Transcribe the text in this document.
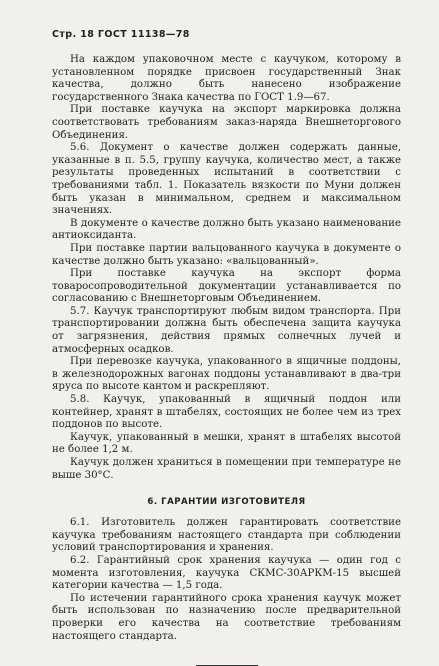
Стр. 18 ГОСТ 11138—78

На каждом упаковочном месте с каучуком, которому в установленном порядке присвоен государственный Знак качества, должно быть нанесено изображение государственного Знака качества по ГОСТ 1.9—67.

При поставке каучука на экспорт маркировка должна соответствовать требованиям заказ-наряда Внешнеторгового Объединения.

5.6. Документ о качестве должен содержать данные, указанные в п. 5.5, группу каучука, количество мест, а также результаты проведенных испытаний в соответствии с требованиями табл. 1. Показатель вязкости по Муни должен быть указан в минимальном, среднем и максимальном значениях.

В документе о качестве должно быть указано наименование антиоксиданта.

При поставке партии вальцованного каучука в документе о качестве должно быть указано: «вальцованный».

При поставке каучука на экспорт форма товаросопроводительной документации устанавливается по согласованию с Внешнеторговым Объединением.

5.7. Каучук транспортируют любым видом транспорта. При транспортировании должна быть обеспечена защита каучука от загрязнения, действия прямых солнечных лучей и атмосферных осадков.

При перевозке каучука, упакованного в ящичные поддоны, в железнодорожных вагонах поддоны устанавливают в два-три яруса по высоте кантом и раскрепляют.

5.8. Каучук, упакованный в ящичный поддон или контейнер, хранят в штабелях, состоящих не более чем из трех поддонов по высоте.

Каучук, упакованный в мешки, хранят в штабелях высотой не более 1,2 м.

Каучук должен храниться в помещении при температуре не выше 30°С.

6. ГАРАНТИИ ИЗГОТОВИТЕЛЯ

6.1. Изготовитель должен гарантировать соответствие каучука требованиям настоящего стандарта при соблюдении условий транспортирования и хранения.

6.2. Гарантийный срок хранения каучука — один год с момента изготовления, каучука СКМС-30АРКМ-15 высшей категории качества — 1,5 года.

По истечении гарантийного срока хранения каучук может быть использован по назначению после предварительной проверки его качества на соответствие требованиям настоящего стандарта.
